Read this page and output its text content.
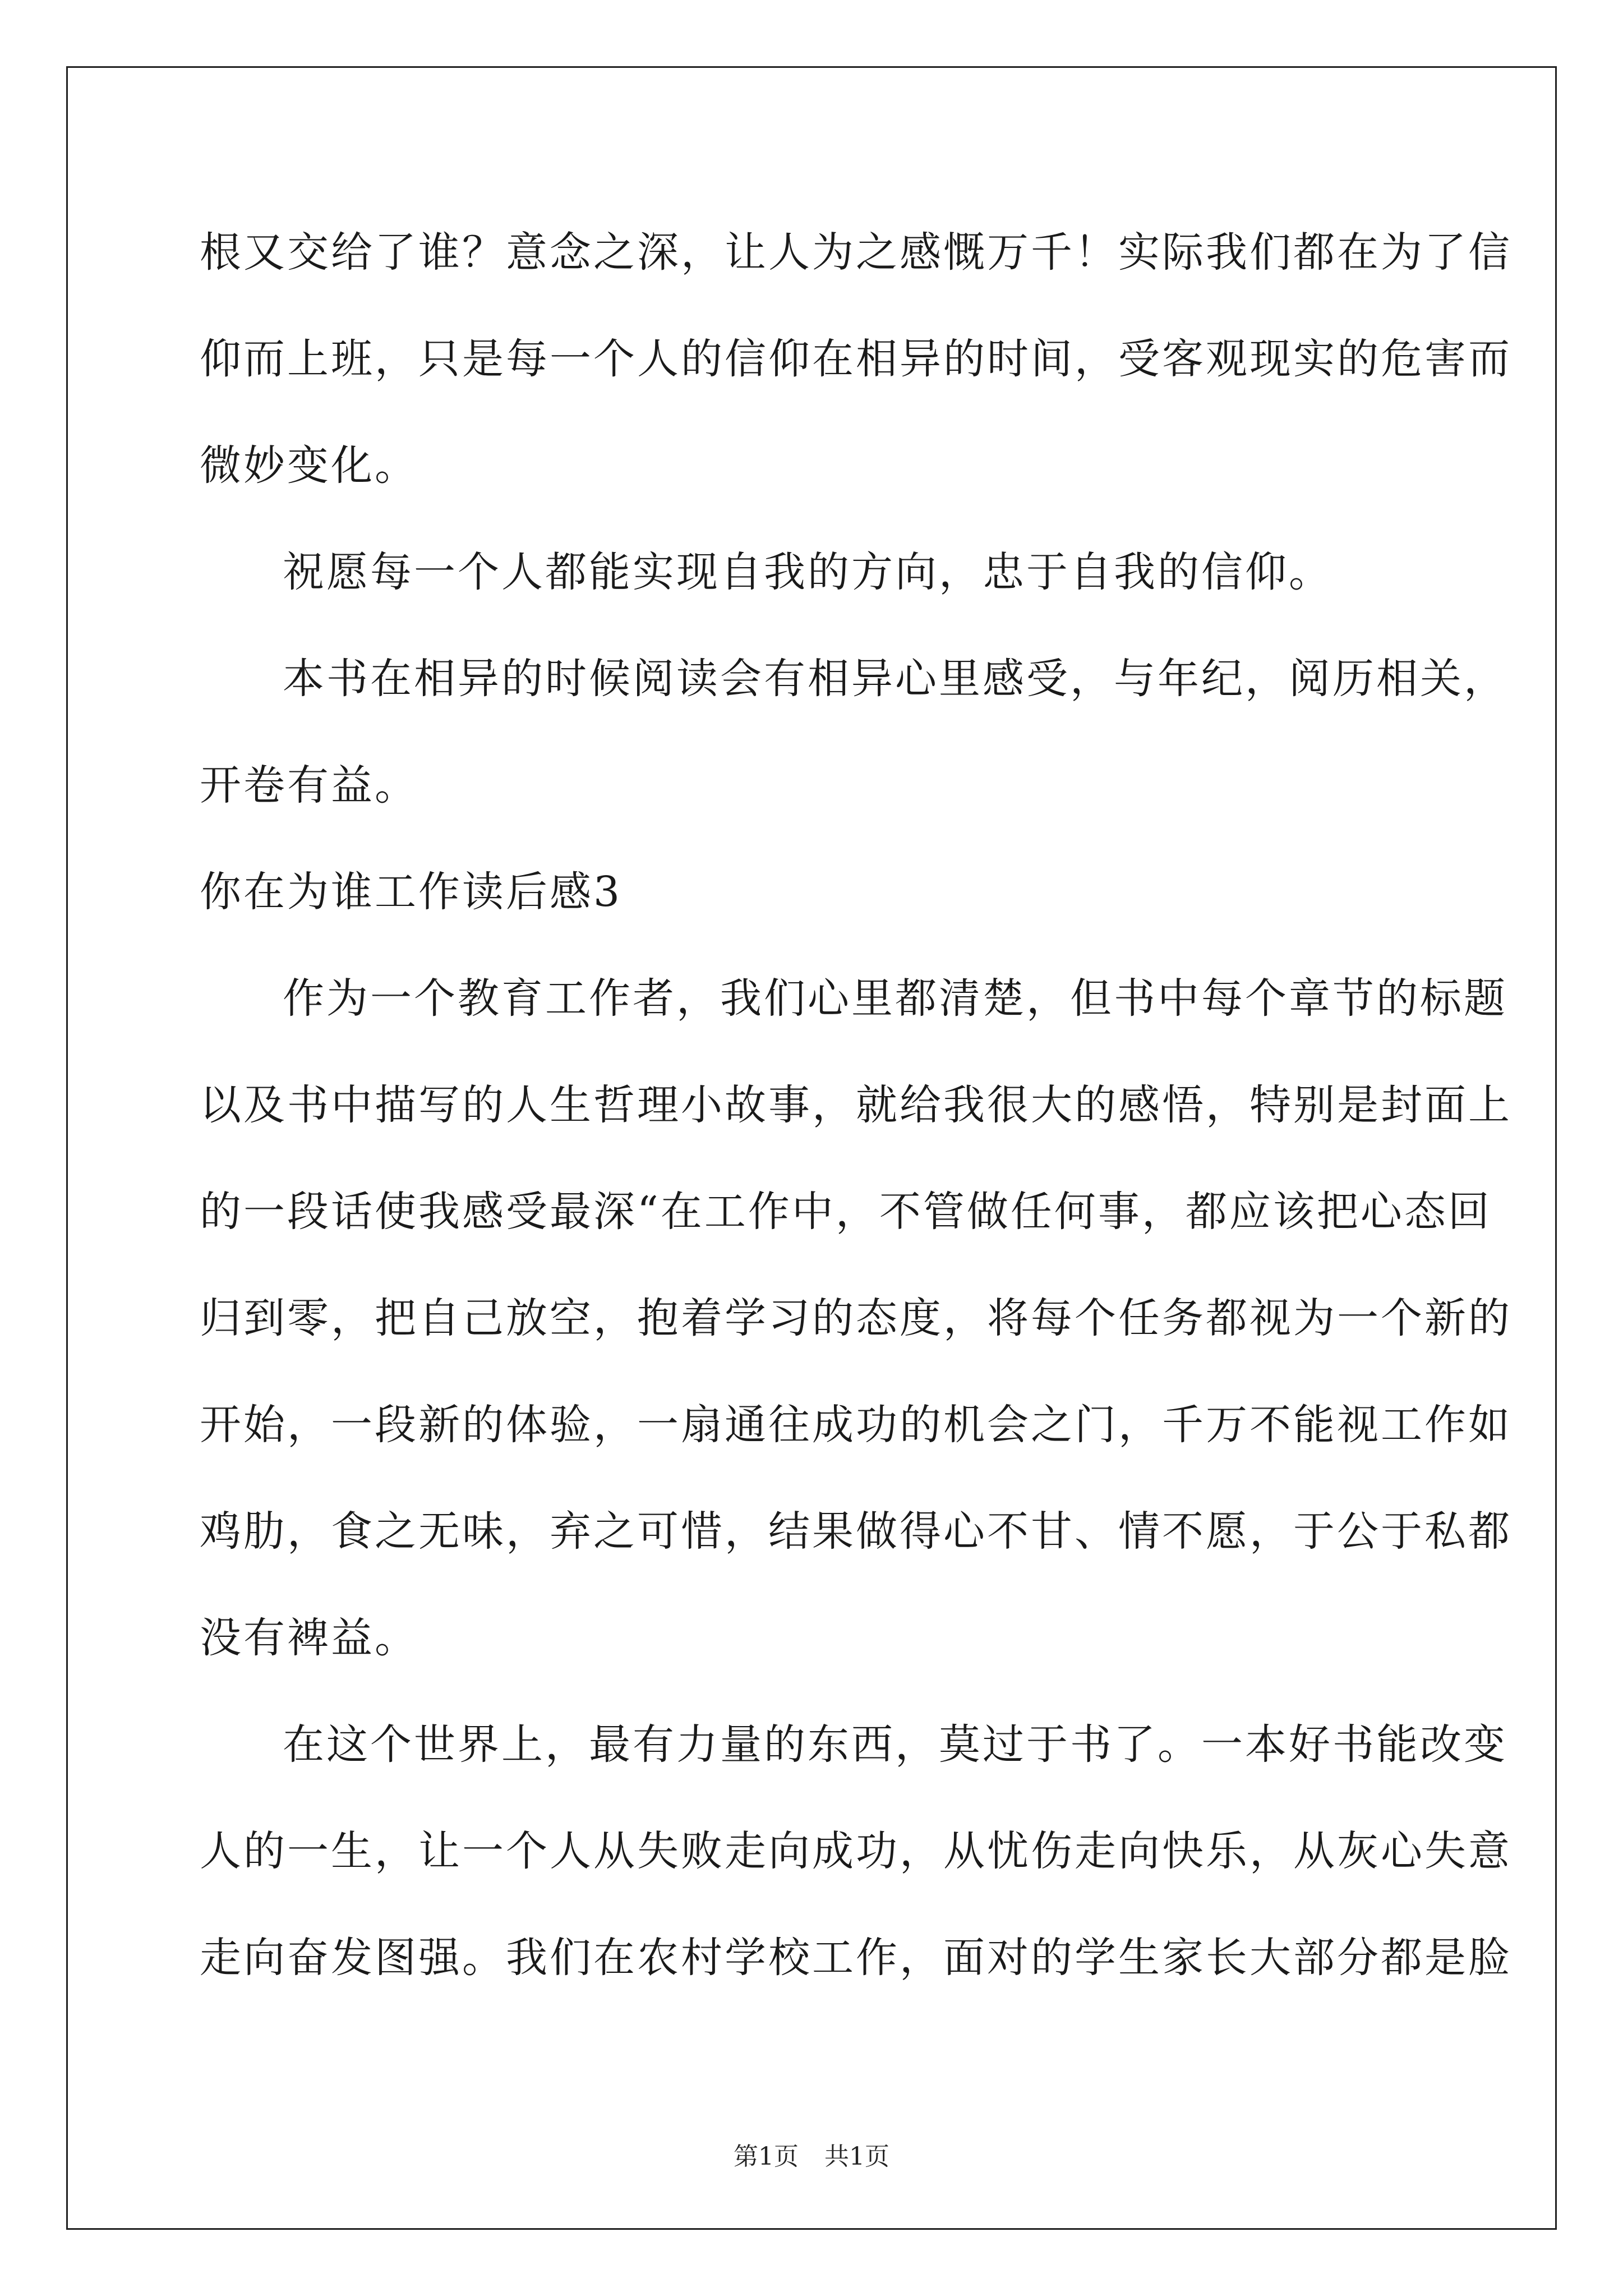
根又交给了谁？意念之深，让人为之感慨万千！实际我们都在为了信
仰而上班，只是每一个人的信仰在相异的时间，受客观现实的危害而
微妙变化。
祝愿每一个人都能实现自我的方向，忠于自我的信仰。
本书在相异的时候阅读会有相异心里感受，与年纪，阅历相关，
开卷有益。
你在为谁工作读后感3
作为一个教育工作者，我们心里都清楚，但书中每个章节的标题
以及书中描写的人生哲理小故事，就给我很大的感悟，特别是封面上
的一段话使我感受最深“在工作中，不管做任何事，都应该把心态回
归到零，把自己放空，抱着学习的态度，将每个任务都视为一个新的
开始，一段新的体验，一扇通往成功的机会之门，千万不能视工作如
鸡肋，食之无味，弃之可惜，结果做得心不甘、情不愿，于公于私都
没有裨益。
在这个世界上，最有力量的东西，莫过于书了。一本好书能改变
人的一生，让一个人从失败走向成功，从忧伤走向快乐，从灰心失意
走向奋发图强。我们在农村学校工作，面对的学生家长大部分都是脸
第1页 共1页
